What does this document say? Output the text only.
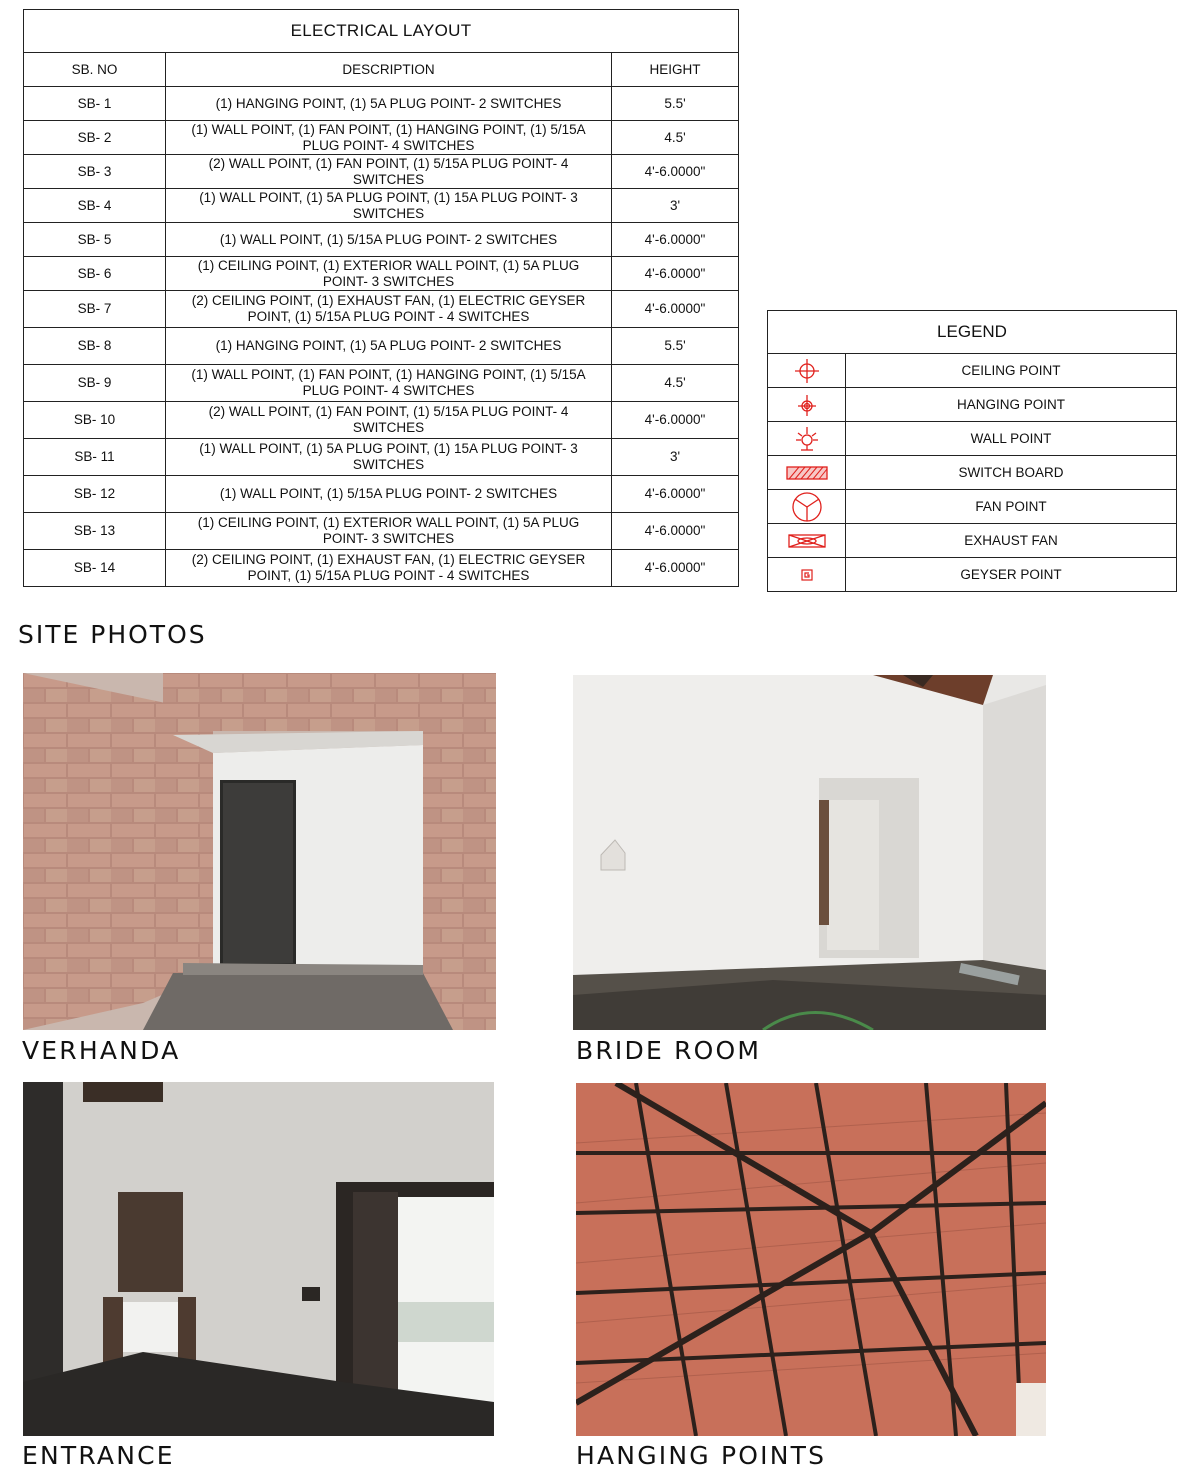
ELECTRICAL LAYOUT		
SB. NO	DESCRIPTION	HEIGHT
SB- 1	(1) HANGING POINT, (1) 5A PLUG POINT- 2 SWITCHES	5.5'
SB- 2	(1) WALL POINT, (1) FAN POINT, (1) HANGING POINT, (1) 5/15A PLUG POINT- 4 SWITCHES	4.5'
SB- 3	(2) WALL POINT, (1) FAN POINT, (1) 5/15A PLUG POINT- 4 SWITCHES	4'-6.0000"
SB- 4	(1) WALL POINT, (1) 5A PLUG POINT, (1) 15A PLUG POINT- 3 SWITCHES	3'
SB- 5	(1) WALL POINT, (1) 5/15A PLUG POINT- 2 SWITCHES	4'-6.0000"
SB- 6	(1) CEILING POINT, (1) EXTERIOR WALL POINT, (1) 5A PLUG POINT- 3 SWITCHES	4'-6.0000"
SB- 7	(2) CEILING POINT, (1) EXHAUST FAN, (1) ELECTRIC GEYSER POINT, (1) 5/15A PLUG POINT - 4 SWITCHES	4'-6.0000"
SB- 8	(1) HANGING POINT, (1) 5A PLUG POINT- 2 SWITCHES	5.5'
SB- 9	(1) WALL POINT, (1) FAN POINT, (1) HANGING POINT, (1) 5/15A PLUG POINT- 4 SWITCHES	4.5'
SB- 10	(2) WALL POINT, (1) FAN POINT, (1) 5/15A PLUG POINT- 4 SWITCHES	4'-6.0000"
SB- 11	(1) WALL POINT, (1) 5A PLUG POINT, (1) 15A PLUG POINT- 3 SWITCHES	3'
SB- 12	(1) WALL POINT, (1) 5/15A PLUG POINT- 2 SWITCHES	4'-6.0000"
SB- 13	(1) CEILING POINT, (1) EXTERIOR WALL POINT, (1) 5A PLUG POINT- 3 SWITCHES	4'-6.0000"
SB- 14	(2) CEILING POINT, (1) EXHAUST FAN, (1) ELECTRIC GEYSER POINT, (1) 5/15A PLUG POINT - 4 SWITCHES	4'-6.0000"
LEGEND	

	CEILING POINT

	HANGING POINT

	WALL POINT

	SWITCH BOARD

	FAN POINT

	EXHAUST FAN

	GEYSER POINT
SITE PHOTOS
VERHANDA	BRIDE ROOM
ENTRANCE	HANGING POINTS
